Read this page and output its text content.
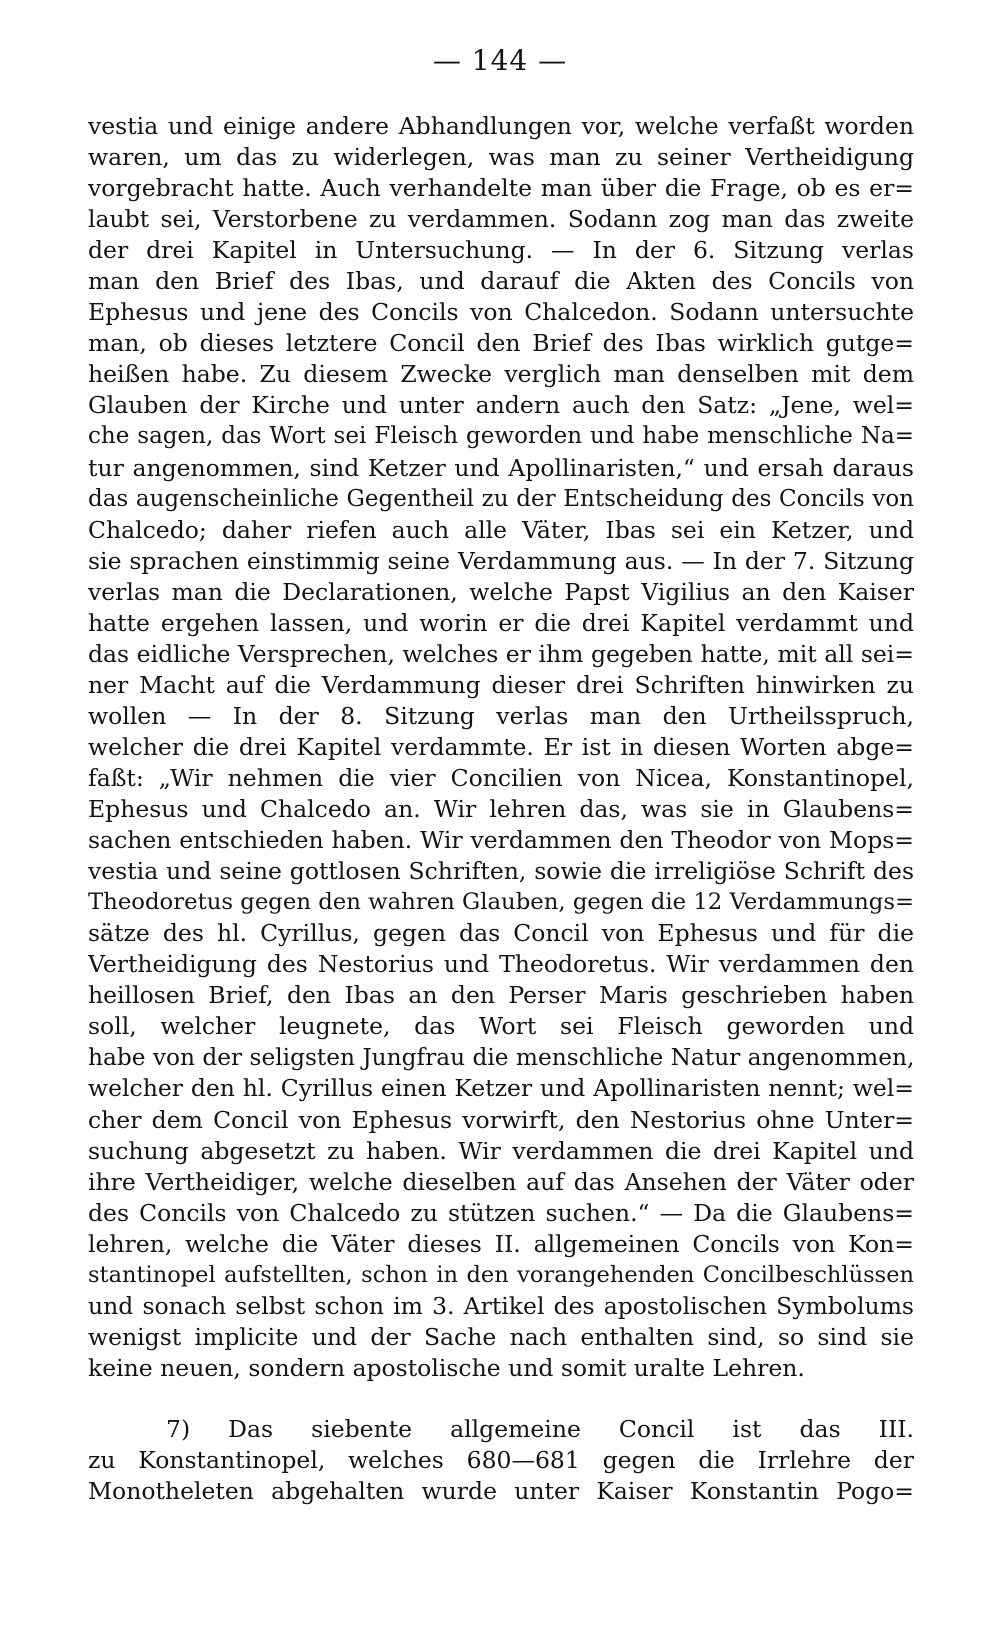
— 144 —
vestia und einige andere Abhandlungen vor, welche verfaßt worden
waren, um das zu widerlegen, was man zu seiner Vertheidigung
vorgebracht hatte. Auch verhandelte man über die Frage, ob es er=
laubt sei, Verstorbene zu verdammen. Sodann zog man das zweite
der drei Kapitel in Untersuchung. — In der 6. Sitzung verlas
man den Brief des Ibas, und darauf die Akten des Concils von
Ephesus und jene des Concils von Chalcedon. Sodann untersuchte
man, ob dieses letztere Concil den Brief des Ibas wirklich gutge=
heißen habe. Zu diesem Zwecke verglich man denselben mit dem
Glauben der Kirche und unter andern auch den Satz: „Jene, wel=
che sagen, das Wort sei Fleisch geworden und habe menschliche Na=
tur angenommen, sind Ketzer und Apollinaristen,“ und ersah daraus
das augenscheinliche Gegentheil zu der Entscheidung des Concils von
Chalcedo; daher riefen auch alle Väter, Ibas sei ein Ketzer, und
sie sprachen einstimmig seine Verdammung aus. — In der 7. Sitzung
verlas man die Declarationen, welche Papst Vigilius an den Kaiser
hatte ergehen lassen, und worin er die drei Kapitel verdammt und
das eidliche Versprechen, welches er ihm gegeben hatte, mit all sei=
ner Macht auf die Verdammung dieser drei Schriften hinwirken zu
wollen — In der 8. Sitzung verlas man den Urtheilsspruch,
welcher die drei Kapitel verdammte. Er ist in diesen Worten abge=
faßt: „Wir nehmen die vier Concilien von Nicea, Konstantinopel,
Ephesus und Chalcedo an. Wir lehren das, was sie in Glaubens=
sachen entschieden haben. Wir verdammen den Theodor von Mops=
vestia und seine gottlosen Schriften, sowie die irreligiöse Schrift des
Theodoretus gegen den wahren Glauben, gegen die 12 Verdammungs=
sätze des hl. Cyrillus, gegen das Concil von Ephesus und für die
Vertheidigung des Nestorius und Theodoretus. Wir verdammen den
heillosen Brief, den Ibas an den Perser Maris geschrieben haben
soll, welcher leugnete, das Wort sei Fleisch geworden und
habe von der seligsten Jungfrau die menschliche Natur angenommen,
welcher den hl. Cyrillus einen Ketzer und Apollinaristen nennt; wel=
cher dem Concil von Ephesus vorwirft, den Nestorius ohne Unter=
suchung abgesetzt zu haben. Wir verdammen die drei Kapitel und
ihre Vertheidiger, welche dieselben auf das Ansehen der Väter oder
des Concils von Chalcedo zu stützen suchen.“ — Da die Glaubens=
lehren, welche die Väter dieses II. allgemeinen Concils von Kon=
stantinopel aufstellten, schon in den vorangehenden Concilbeschlüssen
und sonach selbst schon im 3. Artikel des apostolischen Symbolums
wenigst implicite und der Sache nach enthalten sind, so sind sie
keine neuen, sondern apostolische und somit uralte Lehren.
7) Das siebente allgemeine Concil ist das III.
zu Konstantinopel, welches 680—681 gegen die Irrlehre der
Monotheleten abgehalten wurde unter Kaiser Konstantin Pogo=
